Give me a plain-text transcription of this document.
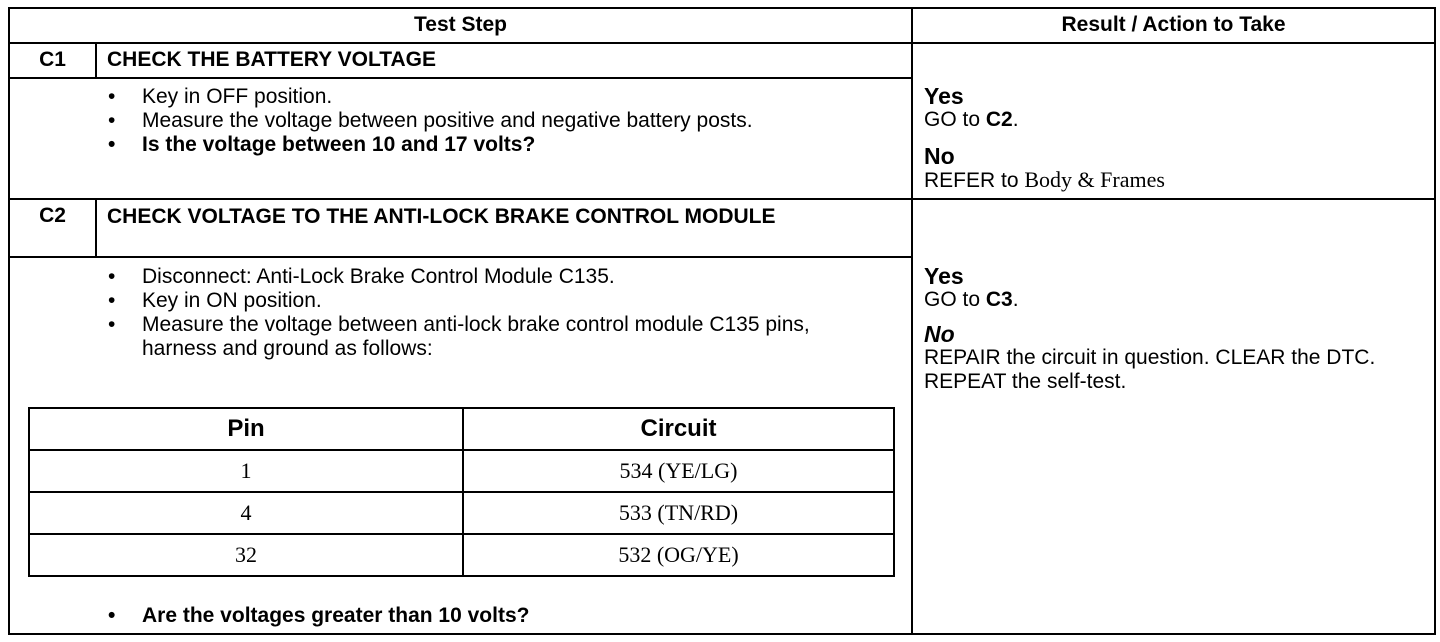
Test Step	Result / Action to Take
C1	CHECK THE BATTERY VOLTAGE
• Key in OFF position.
• Measure the voltage between positive and negative battery posts.
• Is the voltage between 10 and 17 volts?
Yes
GO to C2.
No
REFER to Body & Frames
C2	CHECK VOLTAGE TO THE ANTI-LOCK BRAKE CONTROL MODULE
• Disconnect: Anti-Lock Brake Control Module C135.
• Key in ON position.
• Measure the voltage between anti-lock brake control module C135 pins, harness and ground as follows:
Pin	Circuit
1	534 (YE/LG)
4	533 (TN/RD)
32	532 (OG/YE)
• Are the voltages greater than 10 volts?
Yes
GO to C3.
No
REPAIR the circuit in question. CLEAR the DTC. REPEAT the self-test.
